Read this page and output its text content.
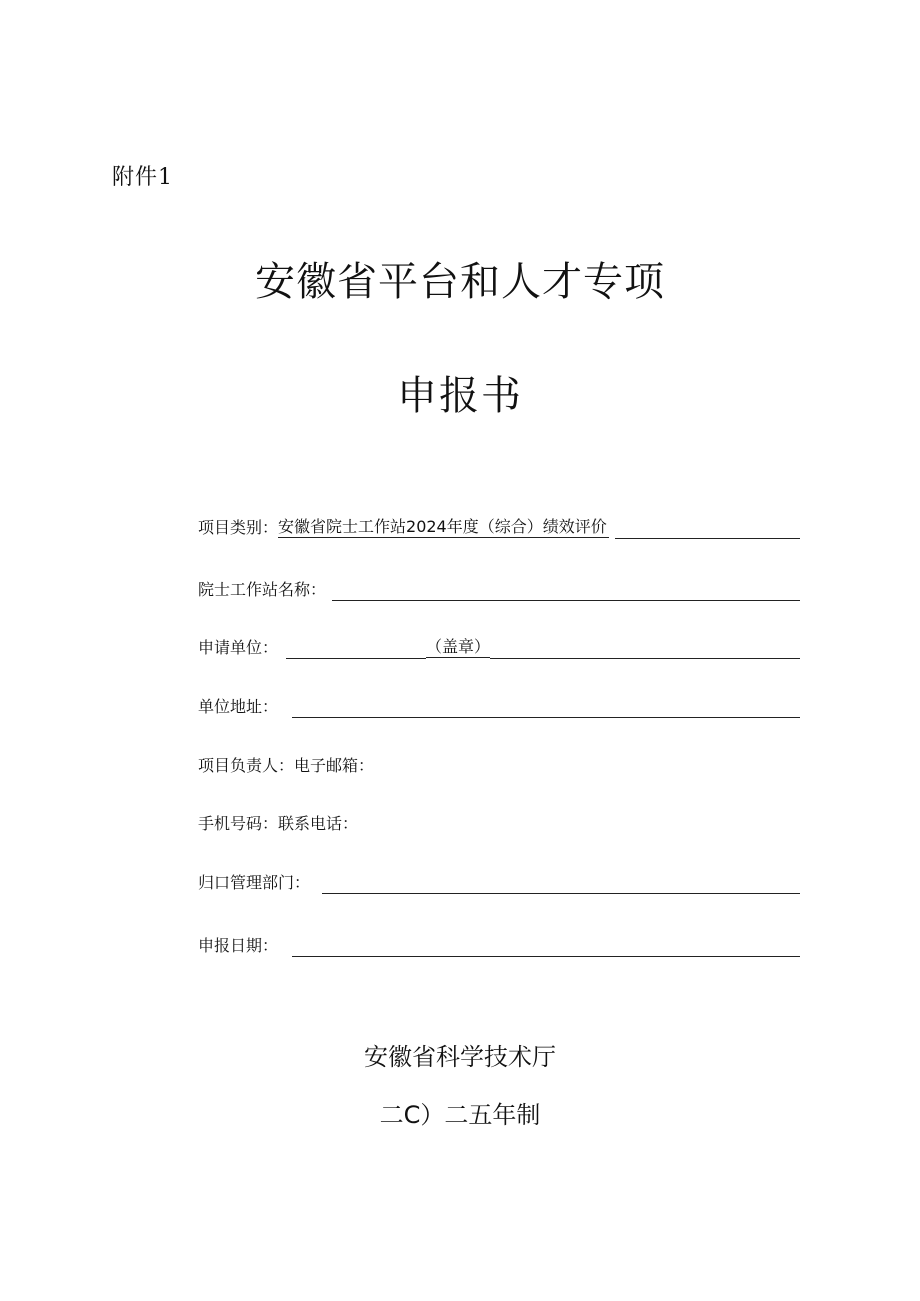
附件1
安徽省平台和人才专项
申报书
项目类别： 安徽省院士工作站2024年度（综合）绩效评价
院士工作站名称：
申请单位：	（盖章）
单位地址：
项目负责人： 电子邮箱：
手机号码： 联系电话：
归口管理部门：
申报日期：
安徽省科学技术厅
二C）二五年制
